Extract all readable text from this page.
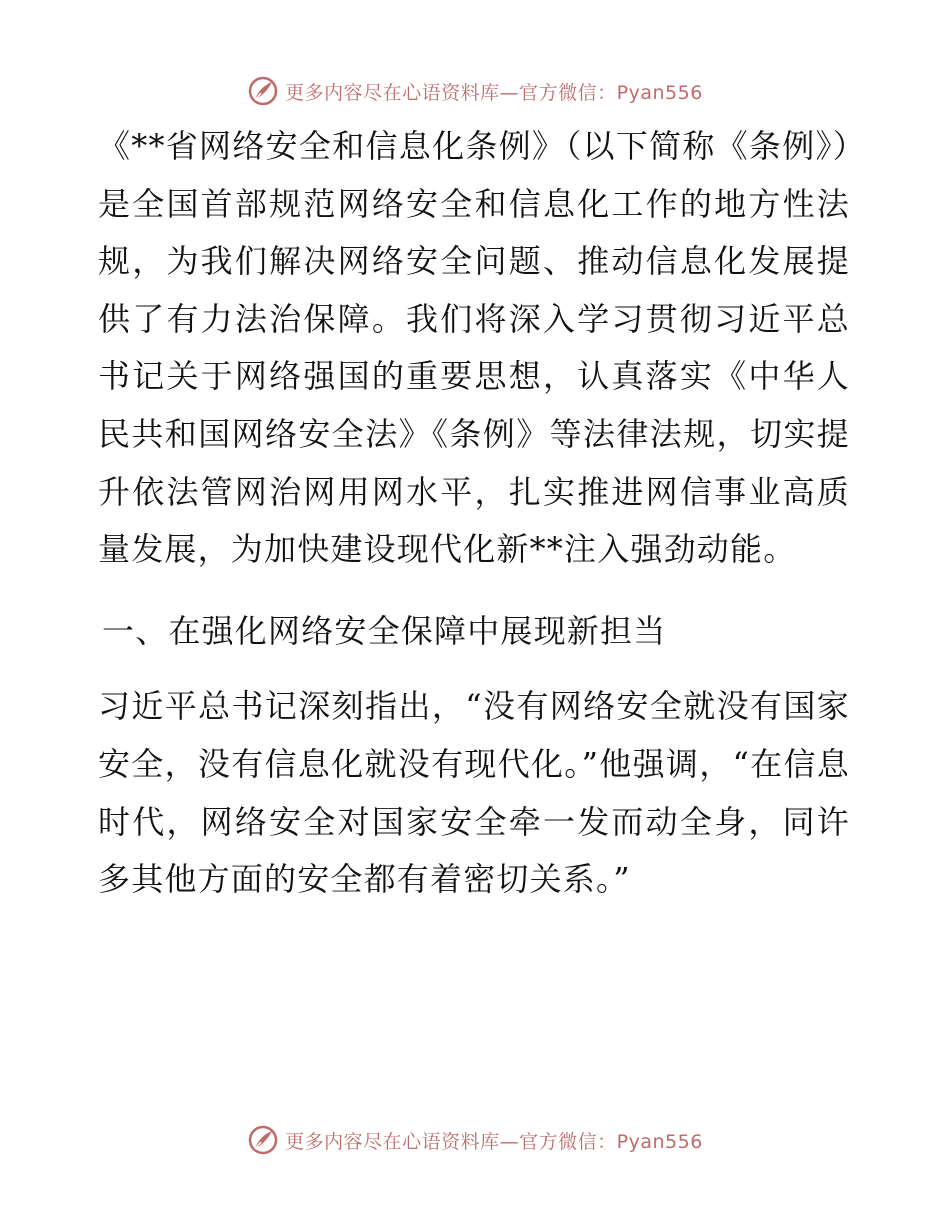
更多内容尽在心语资料库—官方微信：Pyan556

《**省网络安全和信息化条例》（以下简称《条例》）是全国首部规范网络安全和信息化工作的地方性法规，为我们解决网络安全问题、推动信息化发展提供了有力法治保障。我们将深入学习贯彻习近平总书记关于网络强国的重要思想，认真落实《中华人民共和国网络安全法》《条例》等法律法规，切实提升依法管网治网用网水平，扎实推进网信事业高质量发展，为加快建设现代化新**注入强劲动能。

一、在强化网络安全保障中展现新担当

习近平总书记深刻指出，“没有网络安全就没有国家安全，没有信息化就没有现代化。”他强调，“在信息时代，网络安全对国家安全牵一发而动全身，同许多其他方面的安全都有着密切关系。”

更多内容尽在心语资料库—官方微信：Pyan556
